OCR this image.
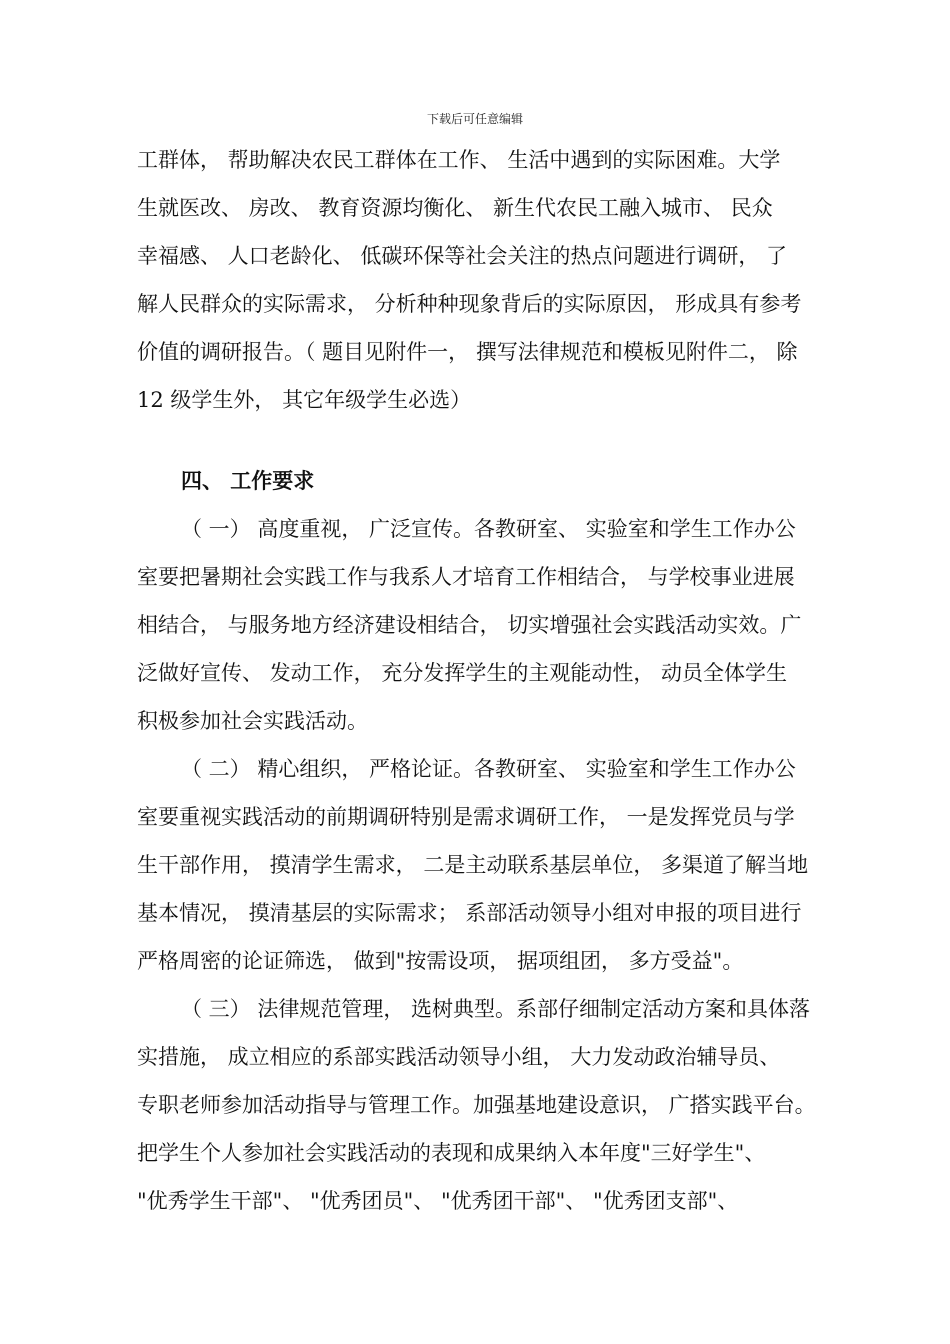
下载后可任意编辑
工群体， 帮助解决农民工群体在工作、 生活中遇到的实际困难。大学
生就医改、 房改、 教育资源均衡化、 新生代农民工融入城市、 民众
幸福感、 人口老龄化、 低碳环保等社会关注的热点问题进行调研， 了
解人民群众的实际需求， 分析种种现象背后的实际原因， 形成具有参考
价值的调研报告。（ 题目见附件一， 撰写法律规范和模板见附件二， 除
12 级学生外， 其它年级学生必选）
四、 工作要求
（ 一） 高度重视， 广泛宣传。各教研室、 实验室和学生工作办公
室要把暑期社会实践工作与我系人才培育工作相结合， 与学校事业进展
相结合， 与服务地方经济建设相结合， 切实增强社会实践活动实效。广
泛做好宣传、 发动工作， 充分发挥学生的主观能动性， 动员全体学生
积极参加社会实践活动。
（ 二） 精心组织， 严格论证。各教研室、 实验室和学生工作办公
室要重视实践活动的前期调研特别是需求调研工作， 一是发挥党员与学
生干部作用， 摸清学生需求， 二是主动联系基层单位， 多渠道了解当地
基本情况， 摸清基层的实际需求； 系部活动领导小组对申报的项目进行
严格周密的论证筛选， 做到"按需设项， 据项组团， 多方受益"。
（ 三） 法律规范管理， 选树典型。系部仔细制定活动方案和具体落
实措施， 成立相应的系部实践活动领导小组， 大力发动政治辅导员、
专职老师参加活动指导与管理工作。加强基地建设意识， 广搭实践平台。
把学生个人参加社会实践活动的表现和成果纳入本年度"三好学生"、
"优秀学生干部"、 "优秀团员"、 "优秀团干部"、 "优秀团支部"、
